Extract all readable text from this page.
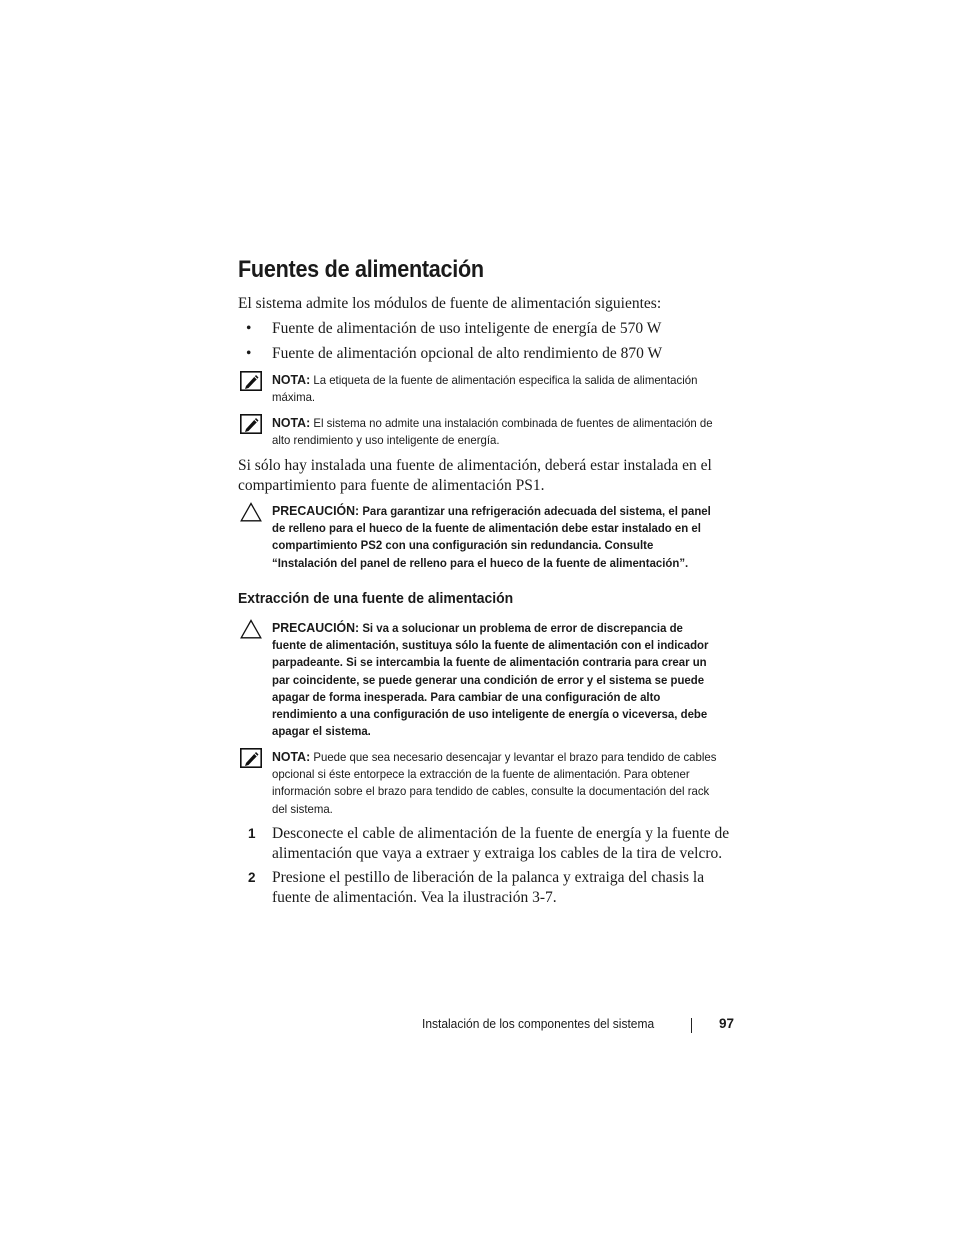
Fuentes de alimentación

El sistema admite los módulos de fuente de alimentación siguientes:

• Fuente de alimentación de uso inteligente de energía de 570 W
• Fuente de alimentación opcional de alto rendimiento de 870 W
NOTA: La etiqueta de la fuente de alimentación especifica la salida de alimentación máxima.
NOTA: El sistema no admite una instalación combinada de fuentes de alimentación de alto rendimiento y uso inteligente de energía.

Si sólo hay instalada una fuente de alimentación, deberá estar instalada en el compartimiento para fuente de alimentación PS1.

PRECAUCIÓN: Para garantizar una refrigeración adecuada del sistema, el panel de relleno para el hueco de la fuente de alimentación debe estar instalado en el compartimiento PS2 con una configuración sin redundancia. Consulte “Instalación del panel de relleno para el hueco de la fuente de alimentación”.
Extracción de una fuente de alimentación
PRECAUCIÓN: Si va a solucionar un problema de error de discrepancia de fuente de alimentación, sustituya sólo la fuente de alimentación con el indicador parpadeante. Si se intercambia la fuente de alimentación contraria para crear un par coincidente, se puede generar una condición de error y el sistema se puede apagar de forma inesperada. Para cambiar de una configuración de alto rendimiento a una configuración de uso inteligente de energía o viceversa, debe apagar el sistema.
NOTA: Puede que sea necesario desencajar y levantar el brazo para tendido de cables opcional si éste entorpece la extracción de la fuente de alimentación. Para obtener información sobre el brazo para tendido de cables, consulte la documentación del rack del sistema.
1 Desconecte el cable de alimentación de la fuente de energía y la fuente de alimentación que vaya a extraer y extraiga los cables de la tira de velcro.
2 Presione el pestillo de liberación de la palanca y extraiga del chasis la fuente de alimentación. Vea la ilustración 3-7.
Instalación de los componentes del sistema	97
